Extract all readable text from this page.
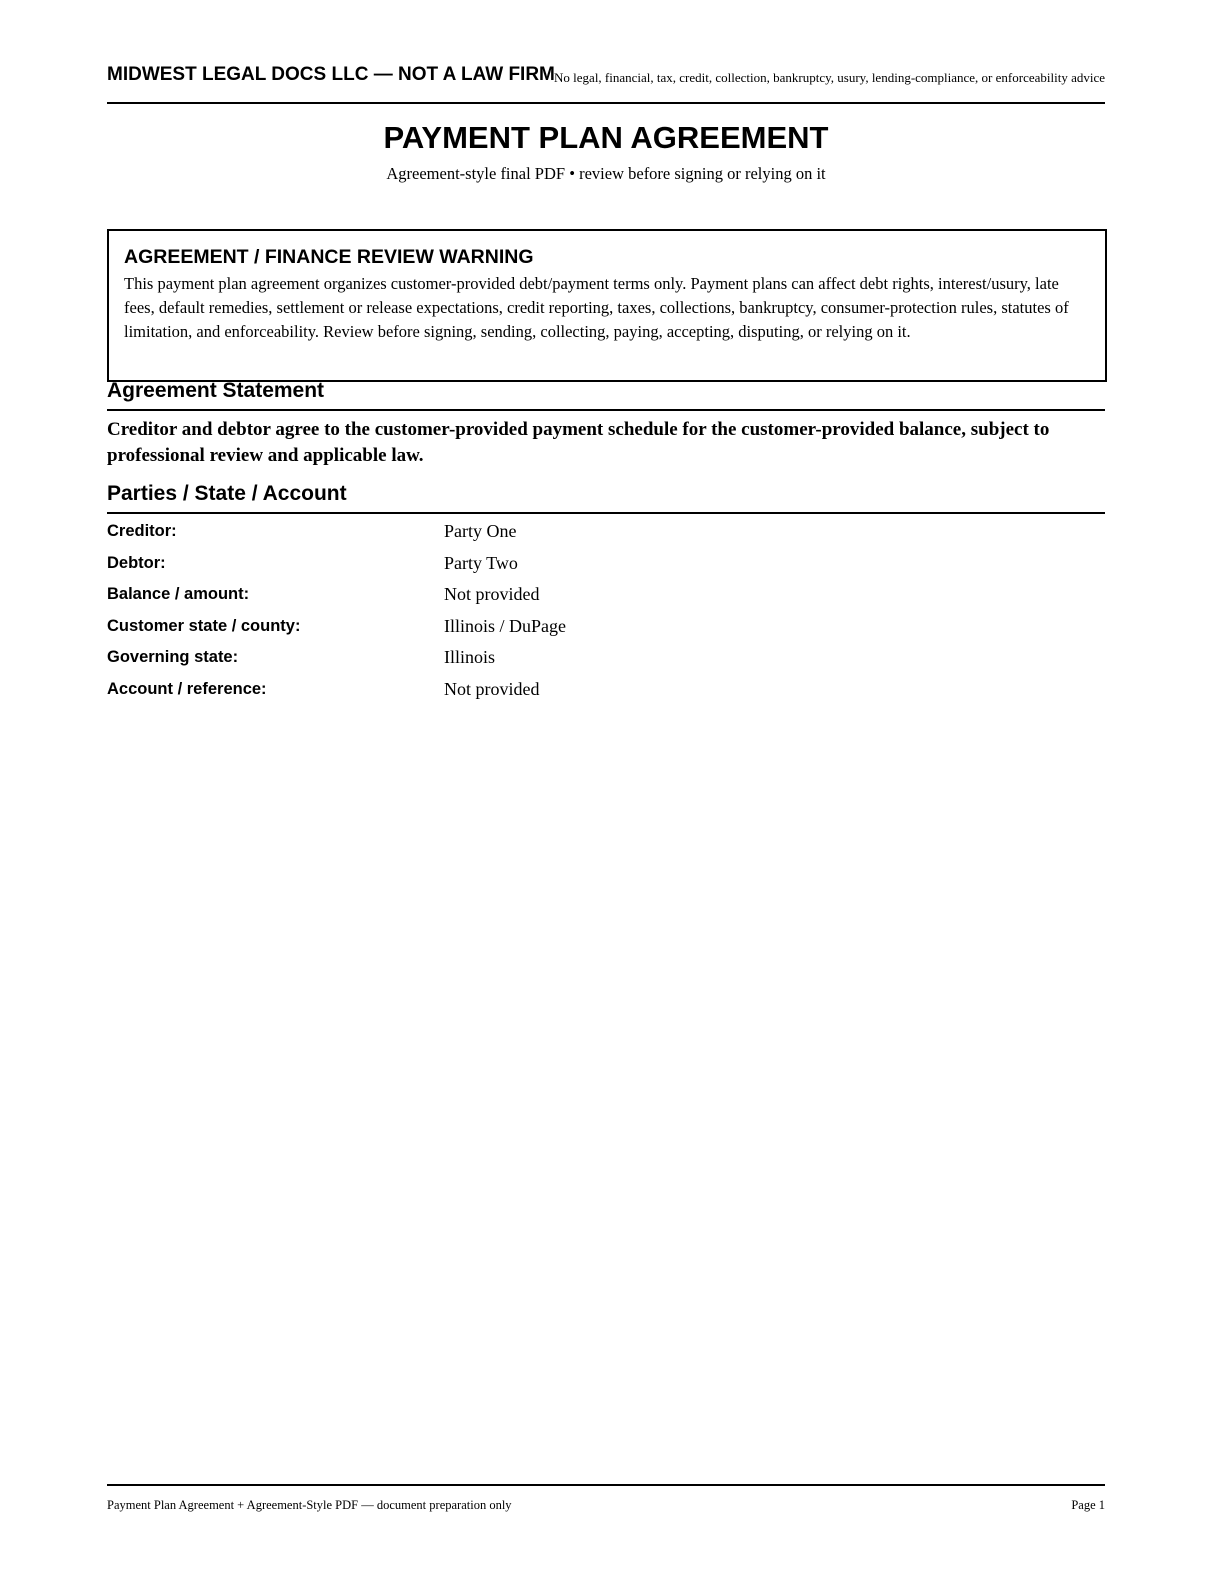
MIDWEST LEGAL DOCS LLC — NOT A LAW FIRM No legal, financial, tax, credit, collection, bankruptcy, usury, lending-compliance, or enforceability advice
PAYMENT PLAN AGREEMENT
Agreement-style final PDF • review before signing or relying on it
AGREEMENT / FINANCE REVIEW WARNING
This payment plan agreement organizes customer-provided debt/payment terms only. Payment plans can affect debt rights, interest/usury, late fees, default remedies, settlement or release expectations, credit reporting, taxes, collections, bankruptcy, consumer-protection rules, statutes of limitation, and enforceability. Review before signing, sending, collecting, paying, accepting, disputing, or relying on it.
Agreement Statement
Creditor and debtor agree to the customer-provided payment schedule for the customer-provided balance, subject to professional review and applicable law.
Parties / State / Account
Creditor:	Party One
Debtor:	Party Two
Balance / amount:	Not provided
Customer state / county:	Illinois / DuPage
Governing state:	Illinois
Account / reference:	Not provided
Payment Plan Agreement + Agreement-Style PDF — document preparation only	Page 1
